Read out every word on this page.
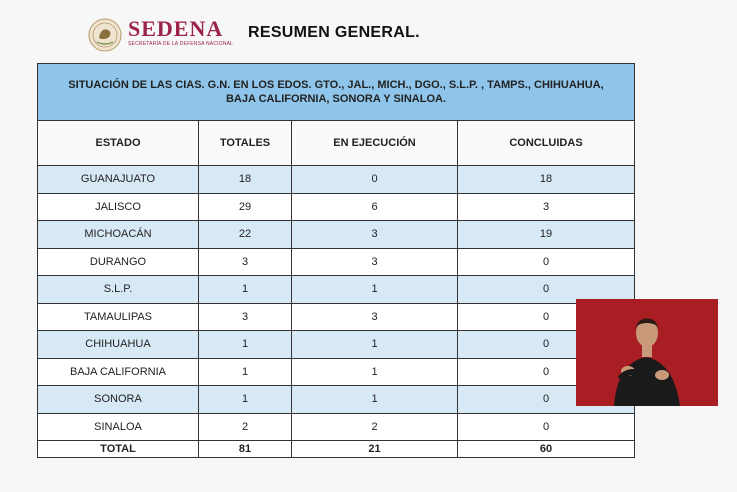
SEDENA
SECRETARÍA DE LA DEFENSA NACIONAL
RESUMEN GENERAL.
SITUACIÓN DE LAS CIAS. G.N. EN LOS EDOS. GTO., JAL., MICH., DGO., S.L.P. , TAMPS., CHIHUAHUA, BAJA CALIFORNIA, SONORA Y SINALOA.			
ESTADO	TOTALES	EN EJECUCIÓN	CONCLUIDAS
GUANAJUATO	18	0	18
JALISCO	29	6	3
MICHOACÁN	22	3	19
DURANGO	3	3	0
S.L.P.	1	1	0
TAMAULIPAS	3	3	0
CHIHUAHUA	1	1	0
BAJA CALIFORNIA	1	1	0
SONORA	1	1	0
SINALOA	2	2	0
TOTAL	81	21	60
